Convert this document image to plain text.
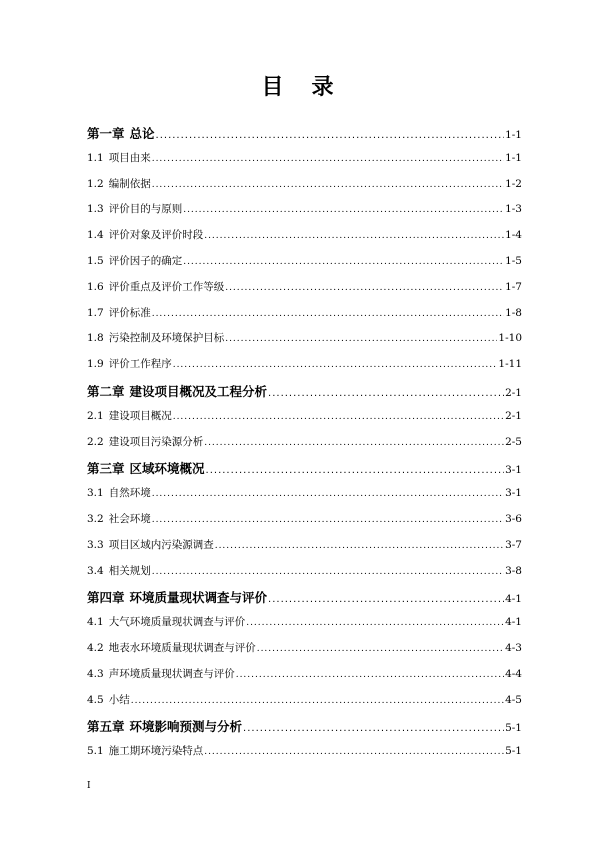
目录
第一章 总论 .....	1-1
1.1 项目由来 .....	1-1
1.2 编制依据 .....	1-2
1.3 评价目的与原则 .....	1-3
1.4 评价对象及评价时段 .....	1-4
1.5 评价因子的确定 .....	1-5
1.6 评价重点及评价工作等级 .....	1-7
1.7 评价标准 .....	1-8
1.8 污染控制及环境保护目标 .....	1-10
1.9 评价工作程序 .....	1-11
第二章 建设项目概况及工程分析 .....	2-1
2.1 建设项目概况 .....	2-1
2.2 建设项目污染源分析 .....	2-5
第三章 区域环境概况 .....	3-1
3.1 自然环境 .....	3-1
3.2 社会环境 .....	3-6
3.3 项目区域内污染源调查 .....	3-7
3.4 相关规划 .....	3-8
第四章 环境质量现状调查与评价 .....	4-1
4.1 大气环境质量现状调查与评价 .....	4-1
4.2 地表水环境质量现状调查与评价 .....	4-3
4.3 声环境质量现状调查与评价 .....	4-4
4.5 小结 .....	4-5
第五章 环境影响预测与分析 .....	5-1
5.1 施工期环境污染特点 .....	5-1
I
